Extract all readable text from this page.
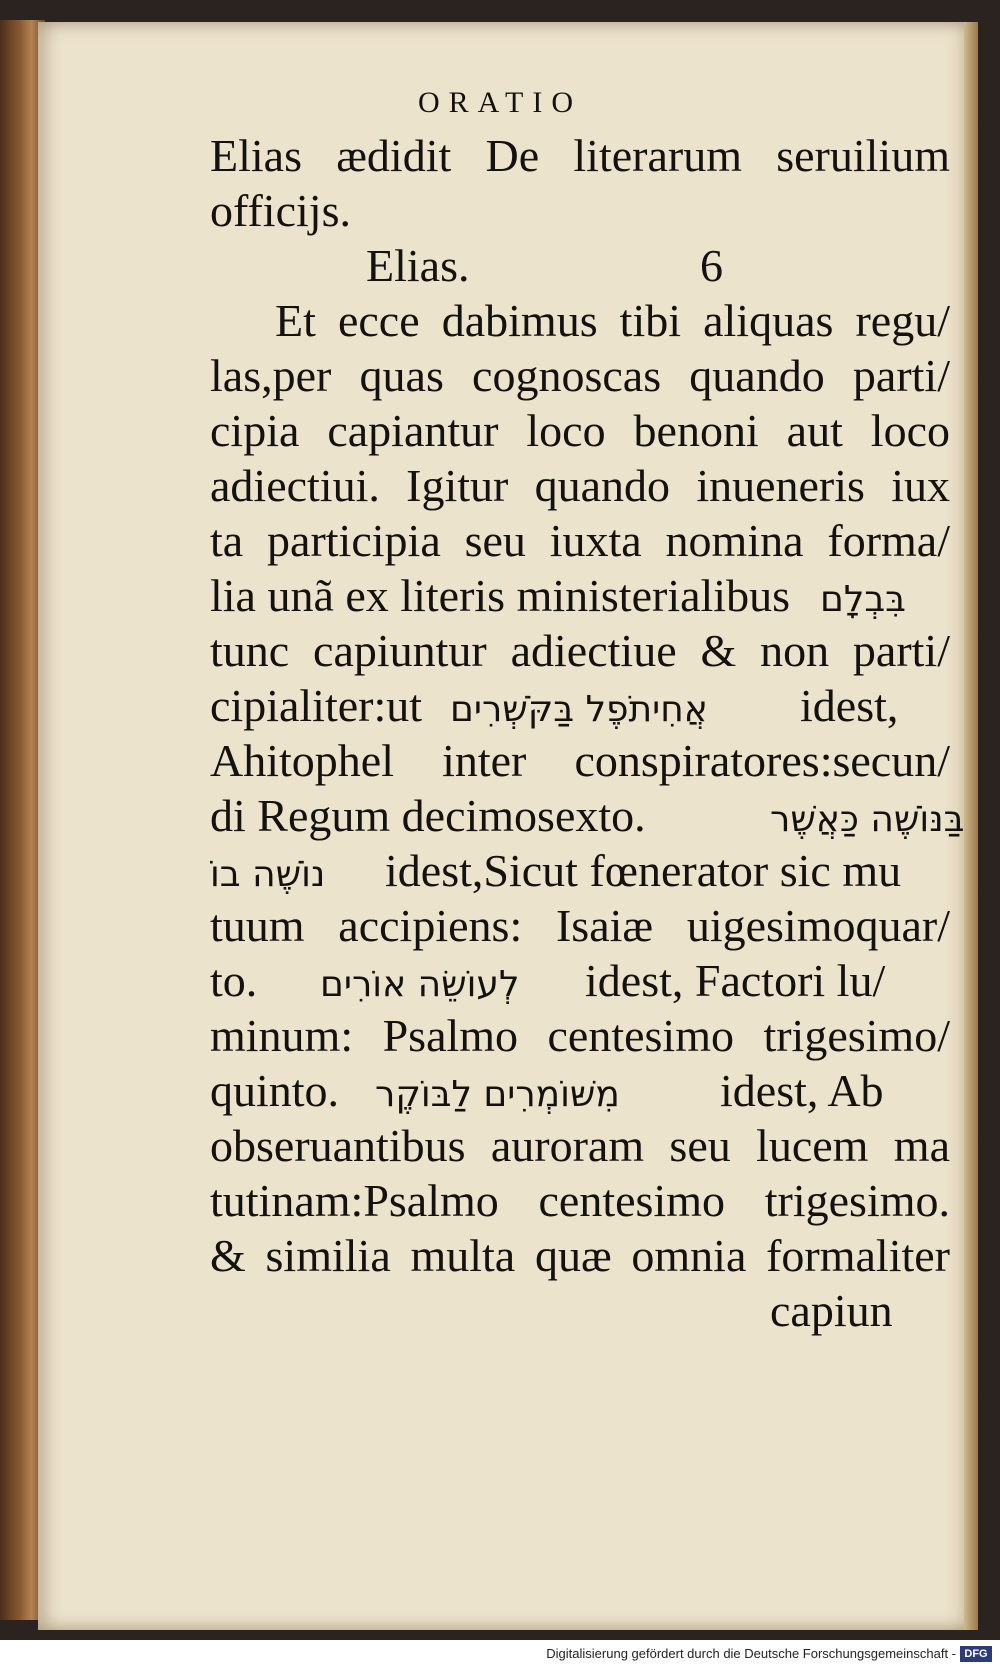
ORATIO
Elias ædidit De literarum seruilium
officijs.
Elias.	6
Et ecce dabimus tibi aliquas regu/
las,per quas cognoscas quando parti/
cipia capiantur loco benoni aut loco
adiectiui. Igitur quando inueneris iux
ta participia seu iuxta nomina forma/
lia unã ex literis ministerialibus בִּבְלָם
tunc capiuntur adiectiue & non parti/
cipialiter:ut אֲחִיתֹפֶל בַּקֹּשְׁרִים idest,
Ahitophel inter conspiratores:secun/
di Regum decimosexto.	בַּנּוֹשֶׁה כַּאֲשֶׁר
נוֹשֶׁה בוֹ idest,Sicut fœnerator sic mu
tuum accipiens: Isaiæ uigesimoquar/
to. לְעוֹשֵׂה אוֹרִים idest, Factori lu/
minum: Psalmo centesimo trigesimo/
quinto. מִשּׁוֹמְרִים לַבּוֹקֶר idest, Ab
obseruantibus auroram seu lucem ma
tutinam:Psalmo centesimo trigesimo.
& similia multa quæ omnia formaliter
capiun
Digitalisierung gefördert durch die Deutsche Forschungsgemeinschaft - DFG
